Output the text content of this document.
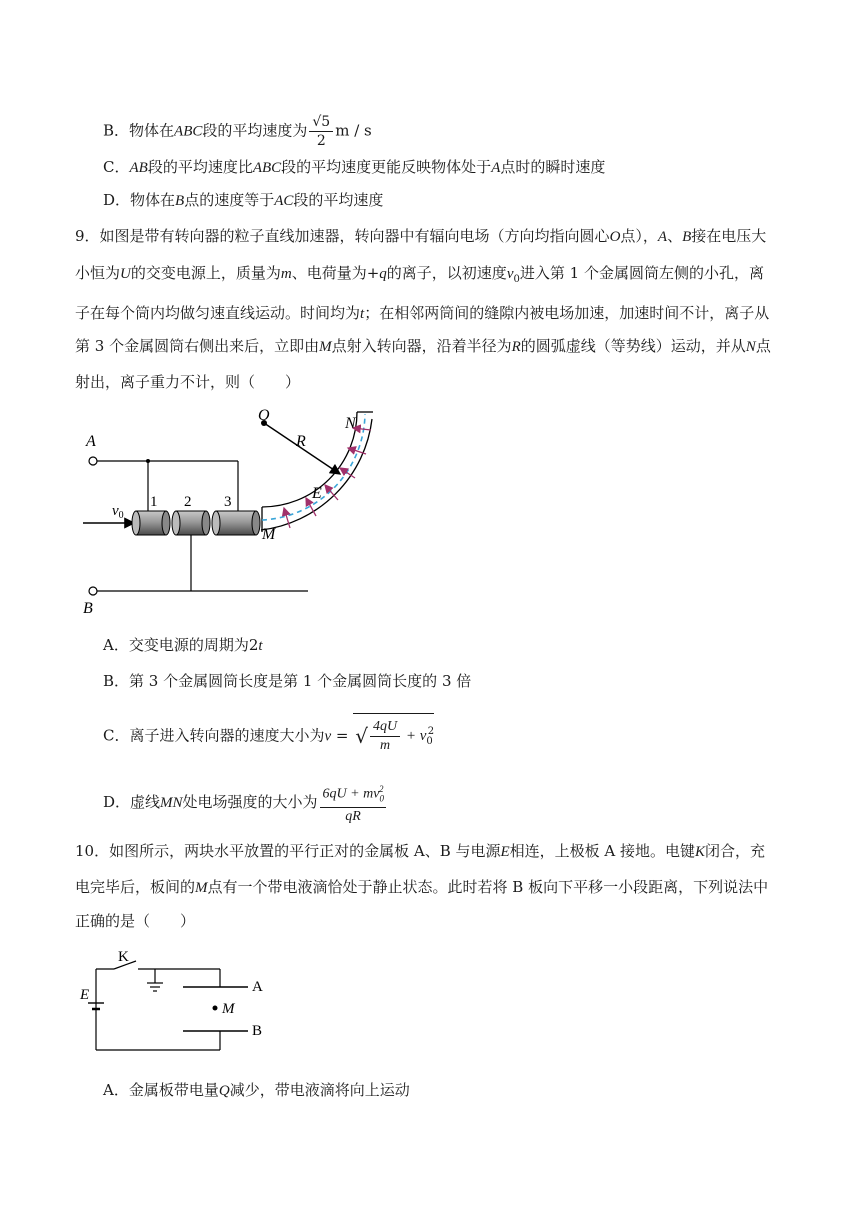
B．物体在ABC段的平均速度为 $\frac{√5}{2}$ m / s
C．AB段的平均速度比ABC段的平均速度更能反映物体处于A点时的瞬时速度
D．物体在B点的速度等于AC段的平均速度
9．如图是带有转向器的粒子直线加速器，转向器中有辐向电场（方向均指向圆心O点），A、B接在电压大
小恒为U的交变电源上，质量为m、电荷量为+q的离子，以初速度$v_0$进入第 1 个金属圆筒左侧的小孔，离
子在每个筒内均做匀速直线运动。时间均为t；在相邻两筒间的缝隙内被电场加速，加速时间不计，离子从
第 3 个金属圆筒右侧出来后，立即由M点射入转向器，沿着半径为R的圆弧虚线（等势线）运动，并从N点
射出，离子重力不计，则（　　）
A
B
O
R
N
E
M
$v_0$
1 2 3
A．交变电源的周期为2t
B．第 3 个金属圆筒长度是第 1 个金属圆筒长度的 3 倍
C．离子进入转向器的速度大小为v = √ $\frac{4qU}{m} + v_0^2$
D．虚线MN处电场强度的大小为 $\frac{6qU + mv_0^2}{qR}$
10．如图所示，两块水平放置的平行正对的金属板 A、B 与电源E相连，上极板 A 接地。电键K闭合，充
电完毕后，板间的M点有一个带电液滴恰处于静止状态。此时若将 B 板向下平移一小段距离，下列说法中
正确的是（　　）
K
E	A
B
M
A．金属板带电量Q减少，带电液滴将向上运动
